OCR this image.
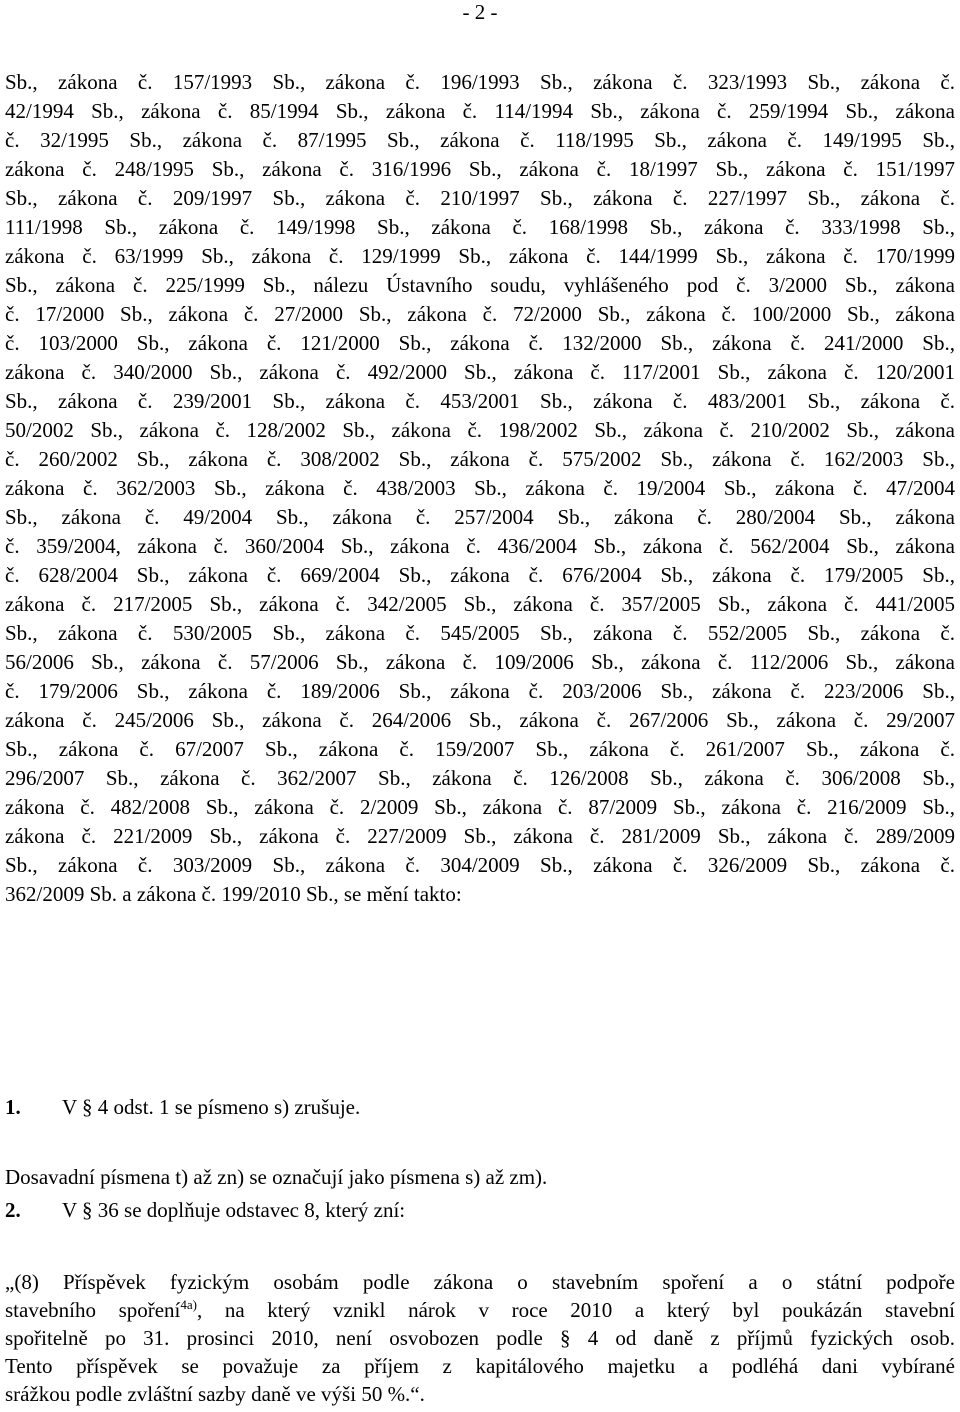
- 2 -
Sb., zákona č. 157/1993 Sb., zákona č. 196/1993 Sb., zákona č. 323/1993 Sb., zákona č.
42/1994 Sb., zákona č. 85/1994 Sb., zákona č. 114/1994 Sb., zákona č. 259/1994 Sb., zákona
č. 32/1995 Sb., zákona č. 87/1995 Sb., zákona č. 118/1995 Sb., zákona č. 149/1995 Sb.,
zákona č. 248/1995 Sb., zákona č. 316/1996 Sb., zákona č. 18/1997 Sb., zákona č. 151/1997
Sb., zákona č. 209/1997 Sb., zákona č. 210/1997 Sb., zákona č. 227/1997 Sb., zákona č.
111/1998 Sb., zákona č. 149/1998 Sb., zákona č. 168/1998 Sb., zákona č. 333/1998 Sb.,
zákona č. 63/1999 Sb., zákona č. 129/1999 Sb., zákona č. 144/1999 Sb., zákona č. 170/1999
Sb., zákona č. 225/1999 Sb., nálezu Ústavního soudu, vyhlášeného pod č. 3/2000 Sb., zákona
č. 17/2000 Sb., zákona č. 27/2000 Sb., zákona č. 72/2000 Sb., zákona č. 100/2000 Sb., zákona
č. 103/2000 Sb., zákona č. 121/2000 Sb., zákona č. 132/2000 Sb., zákona č. 241/2000 Sb.,
zákona č. 340/2000 Sb., zákona č. 492/2000 Sb., zákona č. 117/2001 Sb., zákona č. 120/2001
Sb., zákona č. 239/2001 Sb., zákona č. 453/2001 Sb., zákona č. 483/2001 Sb., zákona č.
50/2002 Sb., zákona č. 128/2002 Sb., zákona č. 198/2002 Sb., zákona č. 210/2002 Sb., zákona
č. 260/2002 Sb., zákona č. 308/2002 Sb., zákona č. 575/2002 Sb., zákona č. 162/2003 Sb.,
zákona č. 362/2003 Sb., zákona č. 438/2003 Sb., zákona č. 19/2004 Sb., zákona č. 47/2004
Sb., zákona č. 49/2004 Sb., zákona č. 257/2004 Sb., zákona č. 280/2004 Sb., zákona
č. 359/2004, zákona č. 360/2004 Sb., zákona č. 436/2004 Sb., zákona č. 562/2004 Sb., zákona
č. 628/2004 Sb., zákona č. 669/2004 Sb., zákona č. 676/2004 Sb., zákona č. 179/2005 Sb.,
zákona č. 217/2005 Sb., zákona č. 342/2005 Sb., zákona č. 357/2005 Sb., zákona č. 441/2005
Sb., zákona č. 530/2005 Sb., zákona č. 545/2005 Sb., zákona č. 552/2005 Sb., zákona č.
56/2006 Sb., zákona č. 57/2006 Sb., zákona č. 109/2006 Sb., zákona č. 112/2006 Sb., zákona
č. 179/2006 Sb., zákona č. 189/2006 Sb., zákona č. 203/2006 Sb., zákona č. 223/2006 Sb.,
zákona č. 245/2006 Sb., zákona č. 264/2006 Sb., zákona č. 267/2006 Sb., zákona č. 29/2007
Sb., zákona č. 67/2007 Sb., zákona č. 159/2007 Sb., zákona č. 261/2007 Sb., zákona č.
296/2007 Sb., zákona č. 362/2007 Sb., zákona č. 126/2008 Sb., zákona č. 306/2008 Sb.,
zákona č. 482/2008 Sb., zákona č. 2/2009 Sb., zákona č. 87/2009 Sb., zákona č. 216/2009 Sb.,
zákona č. 221/2009 Sb., zákona č. 227/2009 Sb., zákona č. 281/2009 Sb., zákona č. 289/2009
Sb., zákona č. 303/2009 Sb., zákona č. 304/2009 Sb., zákona č. 326/2009 Sb., zákona č.
362/2009 Sb. a zákona č. 199/2010 Sb., se mění takto:
1. V § 4 odst. 1 se písmeno s) zrušuje.
Dosavadní písmena t) až zn) se označují jako písmena s) až zm).
2. V § 36 se doplňuje odstavec 8, který zní:
„(8) Příspěvek fyzickým osobám podle zákona o stavebním spoření a o státní podpoře
stavebního spoření$^{4a)}$, na který vznikl nárok v roce 2010 a který byl poukázán stavební
spořitelně po 31. prosinci 2010, není osvobozen podle § 4 od daně z příjmů fyzických osob.
Tento příspěvek se považuje za příjem z kapitálového majetku a podléhá dani vybírané
srážkou podle zvláštní sazby daně ve výši 50 %.“.
